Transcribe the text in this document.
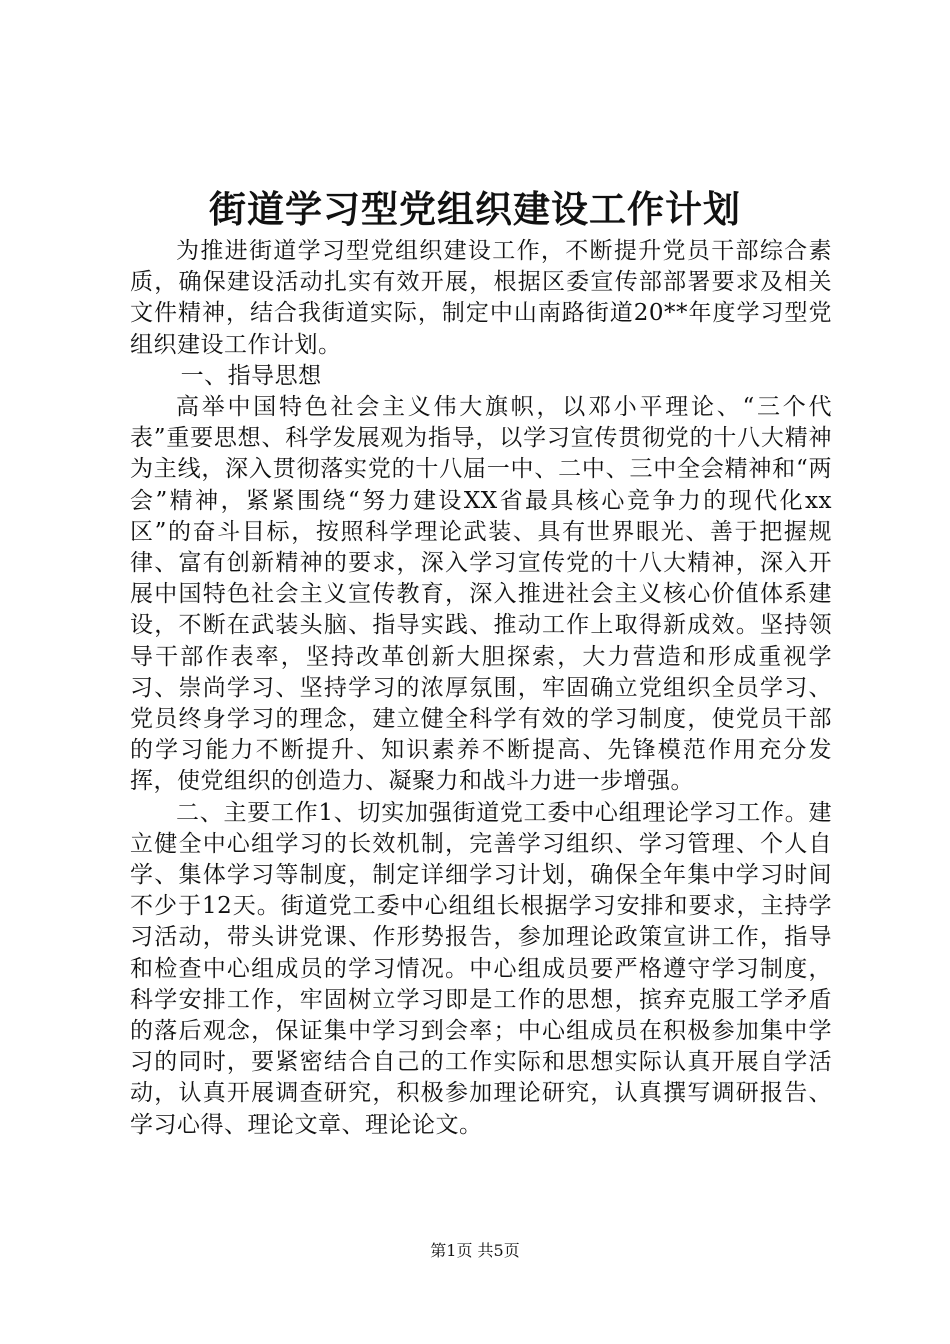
街道学习型党组织建设工作计划

为推进街道学习型党组织建设工作，不断提升党员干部综合素质，确保建设活动扎实有效开展，根据区委宣传部部署要求及相关文件精神，结合我街道实际，制定中山南路街道20**年度学习型党组织建设工作计划。

一、指导思想

高举中国特色社会主义伟大旗帜，以邓小平理论、“三个代表”重要思想、科学发展观为指导，以学习宣传贯彻党的十八大精神为主线，深入贯彻落实党的十八届一中、二中、三中全会精神和“两会”精神，紧紧围绕“努力建设XX省最具核心竞争力的现代化xx区”的奋斗目标，按照科学理论武装、具有世界眼光、善于把握规律、富有创新精神的要求，深入学习宣传党的十八大精神，深入开展中国特色社会主义宣传教育，深入推进社会主义核心价值体系建设，不断在武装头脑、指导实践、推动工作上取得新成效。坚持领导干部作表率，坚持改革创新大胆探索，大力营造和形成重视学习、崇尚学习、坚持学习的浓厚氛围，牢固确立党组织全员学习、党员终身学习的理念，建立健全科学有效的学习制度，使党员干部的学习能力不断提升、知识素养不断提高、先锋模范作用充分发挥，使党组织的创造力、凝聚力和战斗力进一步增强。

二、主要工作1、切实加强街道党工委中心组理论学习工作。建立健全中心组学习的长效机制，完善学习组织、学习管理、个人自学、集体学习等制度，制定详细学习计划，确保全年集中学习时间不少于12天。街道党工委中心组组长根据学习安排和要求，主持学习活动，带头讲党课、作形势报告，参加理论政策宣讲工作，指导和检查中心组成员的学习情况。中心组成员要严格遵守学习制度，科学安排工作，牢固树立学习即是工作的思想，摈弃克服工学矛盾的落后观念，保证集中学习到会率；中心组成员在积极参加集中学习的同时，要紧密结合自己的工作实际和思想实际认真开展自学活动，认真开展调查研究，积极参加理论研究，认真撰写调研报告、学习心得、理论文章、理论论文。

第1页 共5页
